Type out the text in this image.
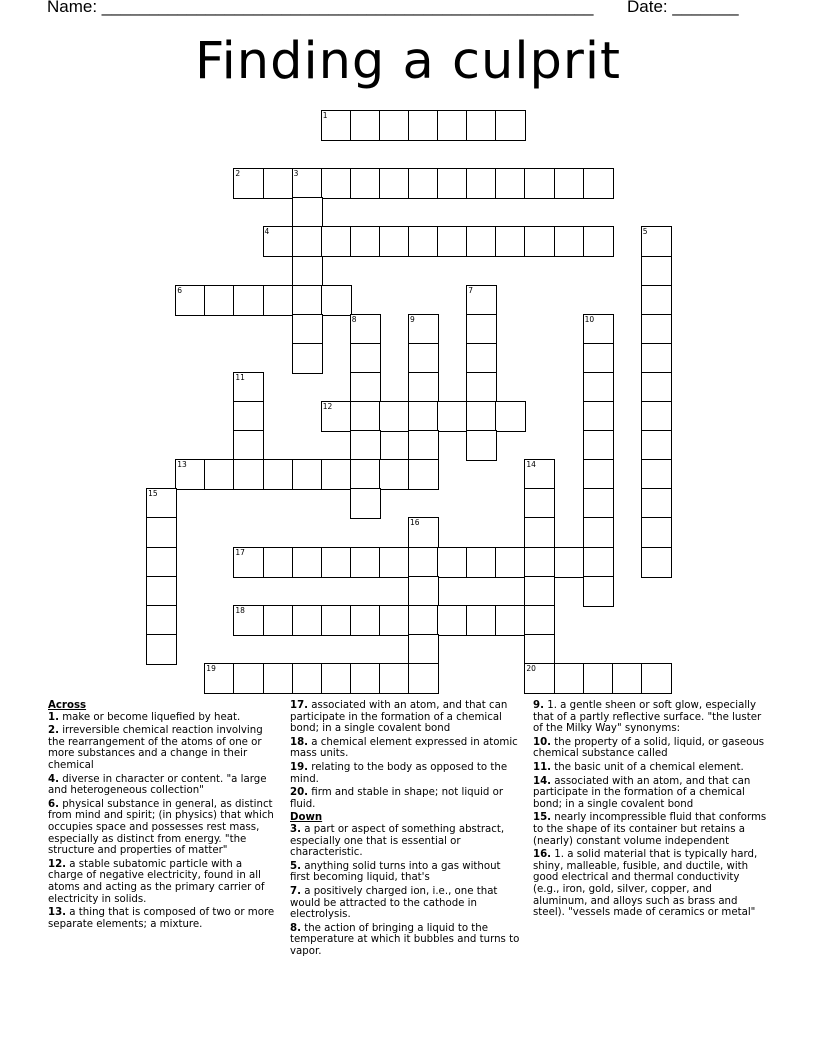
Name: ____________________________________________________ Date: _______
Finding a culprit
1
2	3
4	5
6	7
8	9	10
11
12
13	14
15
16
17
18
19	20
Across
1. make or become liquefied by heat.
2. irreversible chemical reaction involving the rearrangement of the atoms of one or more substances and a change in their chemical
4. diverse in character or content. "a large and heterogeneous collection"
6. physical substance in general, as distinct from mind and spirit; (in physics) that which occupies space and possesses rest mass, especially as distinct from energy. "the structure and properties of matter"
12. a stable subatomic particle with a charge of negative electricity, found in all atoms and acting as the primary carrier of electricity in solids.
13. a thing that is composed of two or more separate elements; a mixture.
17. associated with an atom, and that can participate in the formation of a chemical bond; in a single covalent bond
18. a chemical element expressed in atomic mass units.
19. relating to the body as opposed to the mind.
20. firm and stable in shape; not liquid or fluid.
Down
3. a part or aspect of something abstract, especially one that is essential or characteristic.
5. anything solid turns into a gas without first becoming liquid, that's
7. a positively charged ion, i.e., one that would be attracted to the cathode in electrolysis.
8. the action of bringing a liquid to the temperature at which it bubbles and turns to vapor.
9. 1. a gentle sheen or soft glow, especially that of a partly reflective surface. "the luster of the Milky Way" synonyms:
10. the property of a solid, liquid, or gaseous chemical substance called
11. the basic unit of a chemical element.
14. associated with an atom, and that can participate in the formation of a chemical bond; in a single covalent bond
15. nearly incompressible fluid that conforms to the shape of its container but retains a (nearly) constant volume independent
16. 1. a solid material that is typically hard, shiny, malleable, fusible, and ductile, with good electrical and thermal conductivity (e.g., iron, gold, silver, copper, and aluminum, and alloys such as brass and steel). "vessels made of ceramics or metal"
